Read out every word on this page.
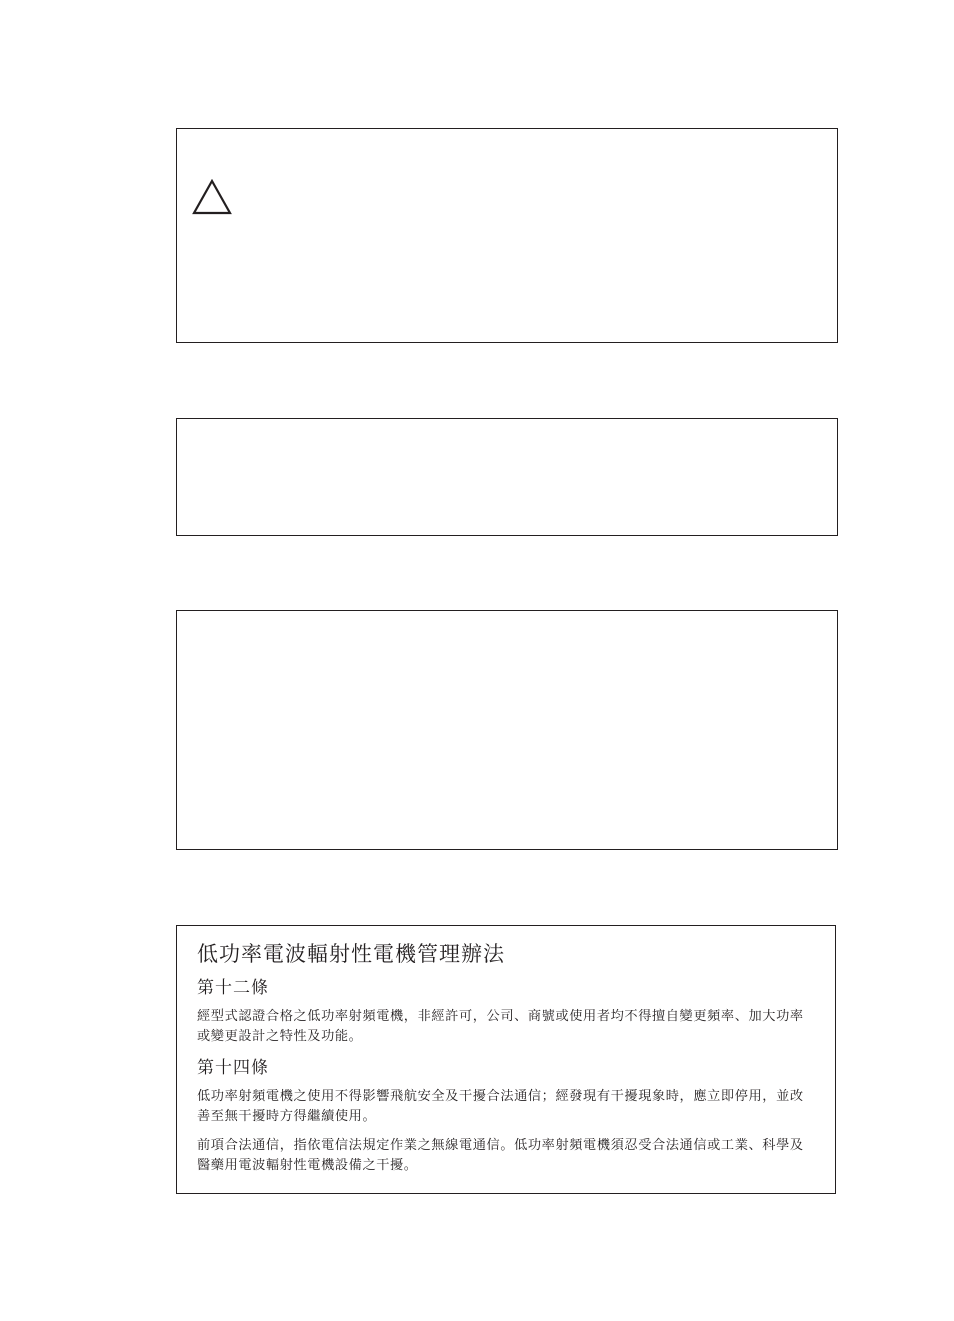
低功率電波輻射性電機管理辦法
第十二條
經型式認證合格之低功率射頻電機，非經許可，公司、商號或使用者均不得擅自變更頻率、加大功率或變更設計之特性及功能。
第十四條
低功率射頻電機之使用不得影響飛航安全及干擾合法通信；經發現有干擾現象時，應立即停用，並改善至無干擾時方得繼續使用。
前項合法通信，指依電信法規定作業之無線電通信。低功率射頻電機須忍受合法通信或工業、科學及醫藥用電波輻射性電機設備之干擾。
